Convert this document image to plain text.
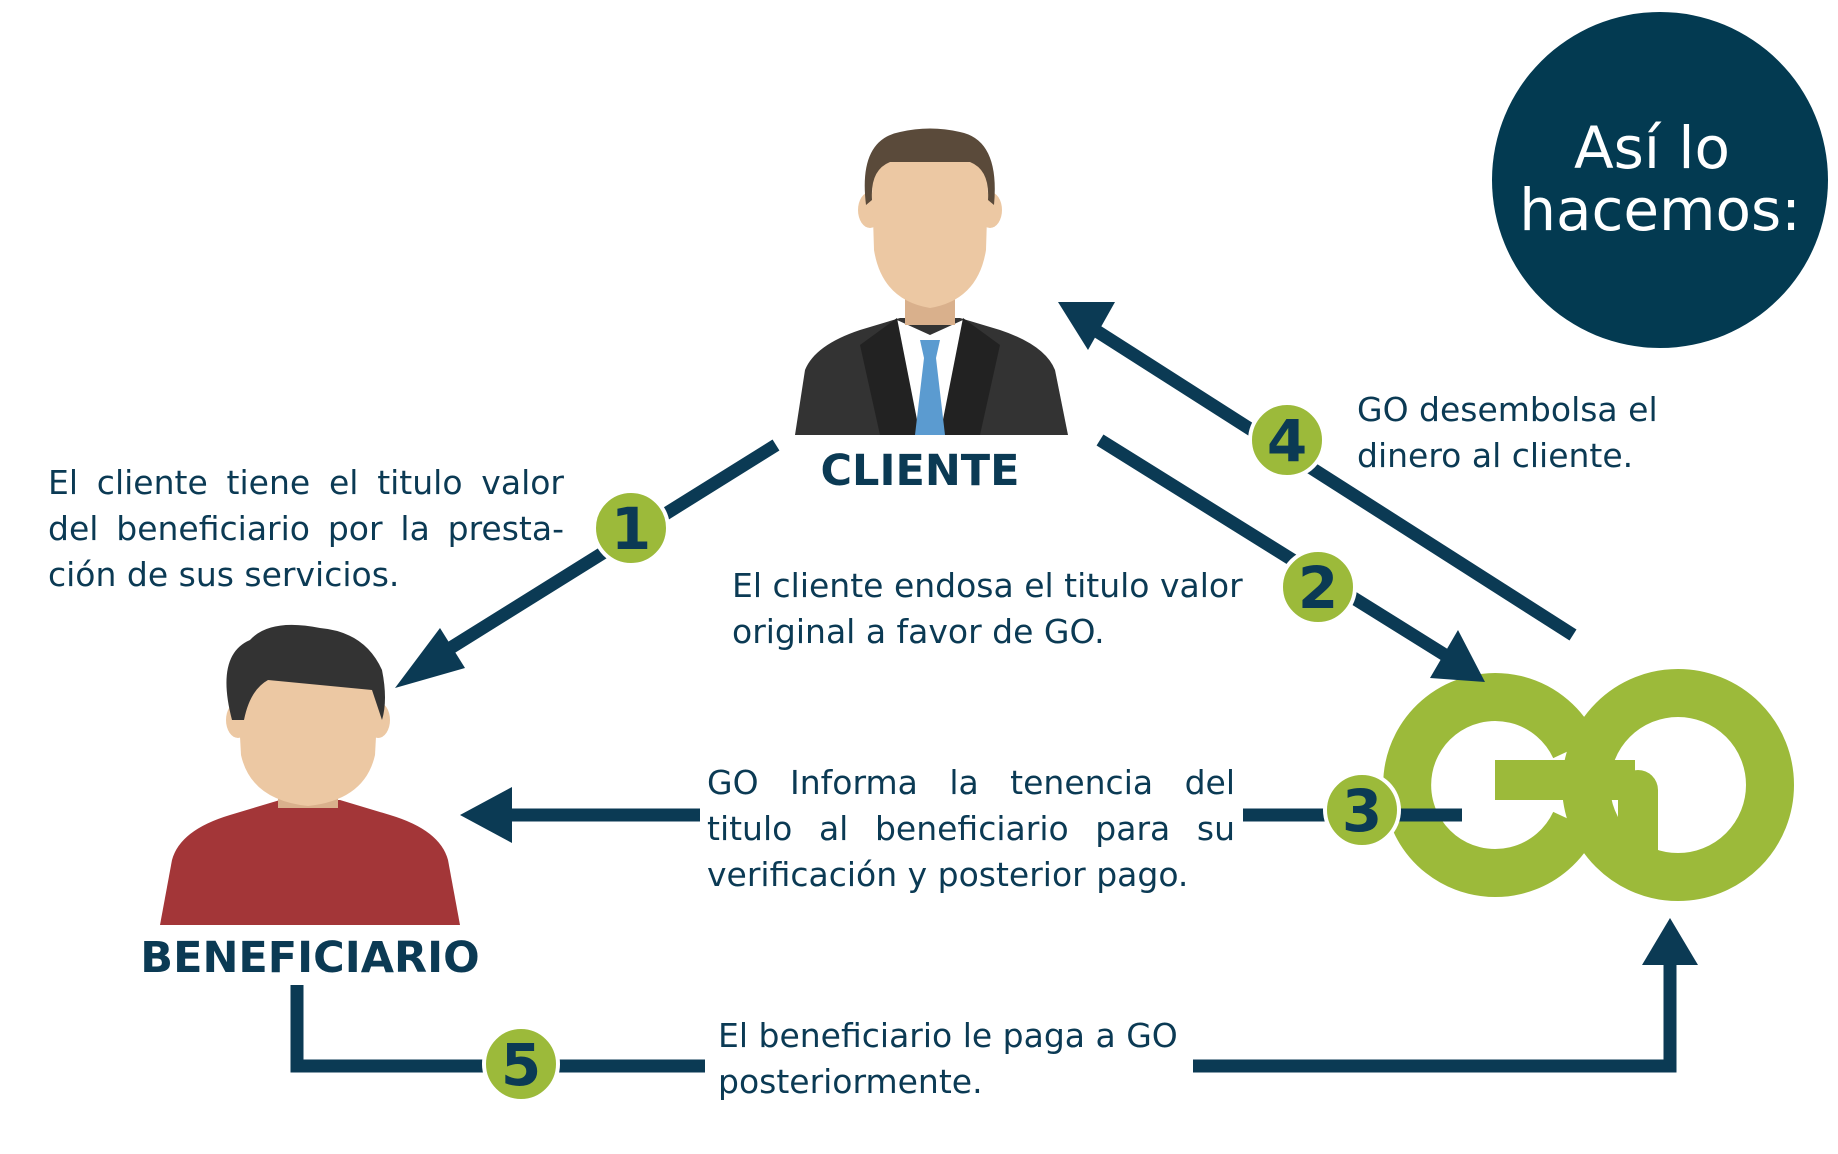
Así lo
hacemos:
CLIENTE
BENEFICIARIO
1
2
3
4
5
El cliente tiene el titulo valor
del beneficiario por la presta-
ción de sus servicios.	El cliente endosa el titulo valor
original a favor de GO.
GO Informa la tenencia del
titulo al beneficiario para su
verificación y posterior pago.
GO desembolsa el
dinero al cliente.
El beneficiario le paga a GO
posteriormente.
